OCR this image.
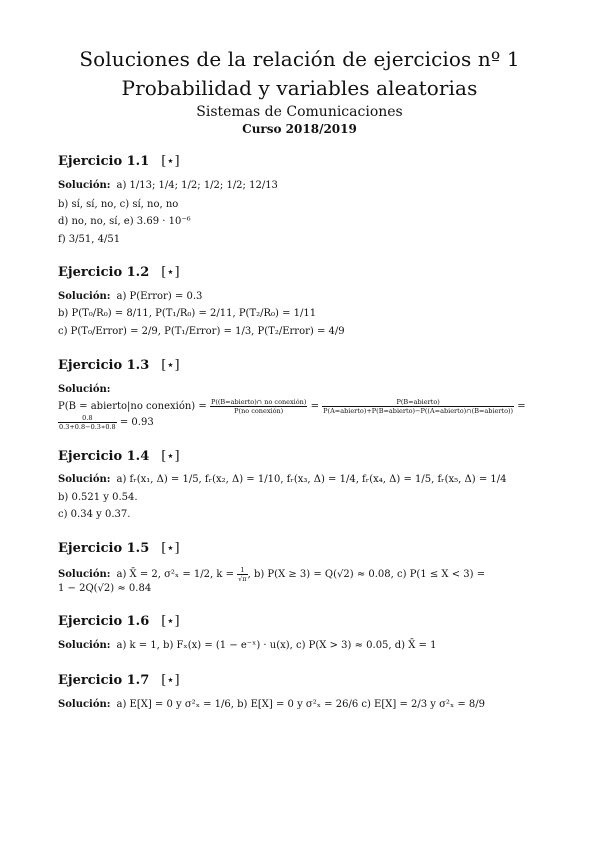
Soluciones de la relación de ejercicios nº 1
Probabilidad y variables aleatorias
Sistemas de Comunicaciones
Curso 2018/2019
Ejercicio 1.1 [⋆]
Solución: a) 1/13; 1/4; 1/2; 1/2; 1/2; 12/13
b) sí, sí, no, c) sí, no, no
d) no, no, sí, e) 3.69 · 10⁻⁶
f) 3/51, 4/51
Ejercicio 1.2 [⋆]
Solución: a) P(Error) = 0.3
b) P(T₀/R₀) = 8/11, P(T₁/R₀) = 2/11, P(T₂/R₀) = 1/11
c) P(T₀/Error) = 2/9, P(T₁/Error) = 1/3, P(T₂/Error) = 4/9
Ejercicio 1.3 [⋆]
Solución:
P(B = abierto|no conexión) = $\frac{\text{P((B=abierto)∩ no conexión)}}{\text{P(no conexión)}} = \frac{\text{P(B=abierto)}}{\text{P(A=abierto)+P(B=abierto)−P((A=abierto)∩(B=abierto))}}$ =
$\frac{0.8}{0.3+0.8-0.3∗0.8} = 0.93$
Ejercicio 1.4 [⋆]
Solución: a) fᵣ(x₁, Δ) = 1/5, fᵣ(x₂, Δ) = 1/10, fᵣ(x₃, Δ) = 1/4, fᵣ(x₄, Δ) = 1/5, fᵣ(x₅, Δ) = 1/4
b) 0.521 y 0.54.
c) 0.34 y 0.37.
Ejercicio 1.5 [⋆]
Solución: a) X̄ = 2, σ²ₓ = 1/2, $k = \frac{1}{√\pi}$ , b) P(X ≥ 3) = Q(√2) ≈ 0.08, c) P(1 ≤ X < 3) =
1 − 2Q(√2) ≈ 0.84
Ejercicio 1.6 [⋆]
Solución: a) k = 1, b) Fₓ(x) = (1 − e⁻ˣ) · u(x), c) P(X > 3) ≈ 0.05, d) X̄ = 1
Ejercicio 1.7 [⋆]
Solución: a) E[X] = 0 y σ²ₓ = 1/6, b) E[X] = 0 y σ²ₓ = 26/6 c) E[X] = 2/3 y σ²ₓ = 8/9
